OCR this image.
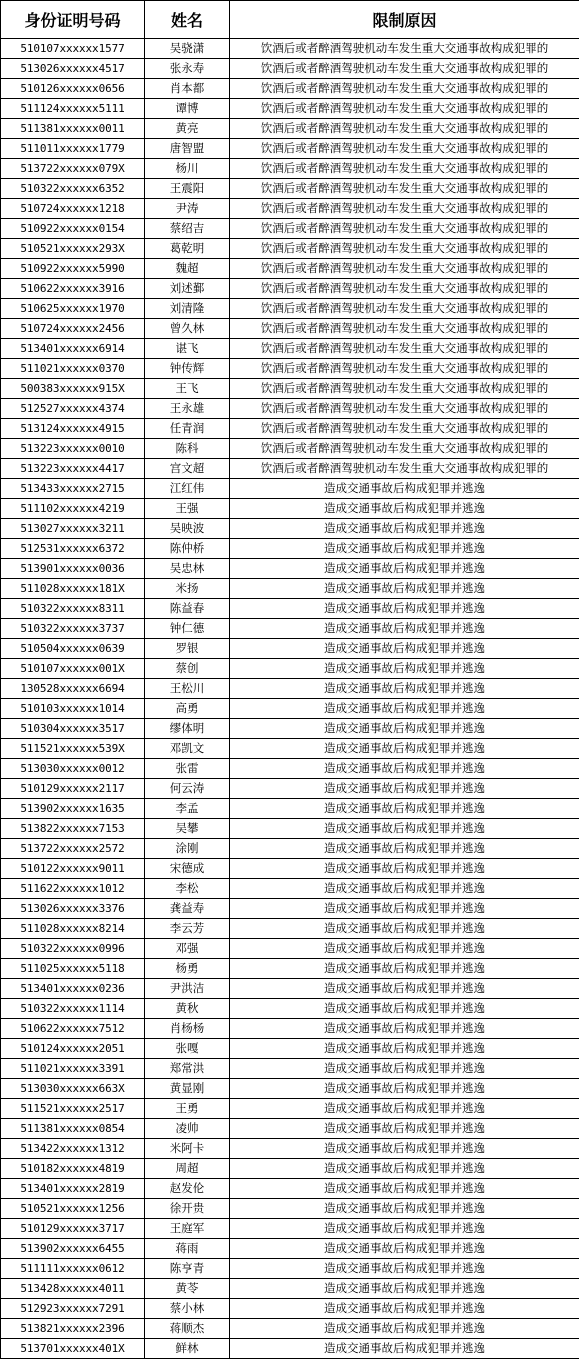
身份证明号码	姓名	限制原因
510107xxxxxx1577	吴骁潇	饮酒后或者醉酒驾驶机动车发生重大交通事故构成犯罪的
513026xxxxxx4517	张永寿	饮酒后或者醉酒驾驶机动车发生重大交通事故构成犯罪的
510126xxxxxx0656	肖本都	饮酒后或者醉酒驾驶机动车发生重大交通事故构成犯罪的
511124xxxxxx5111	谭博	饮酒后或者醉酒驾驶机动车发生重大交通事故构成犯罪的
511381xxxxxx0011	黄亮	饮酒后或者醉酒驾驶机动车发生重大交通事故构成犯罪的
511011xxxxxx1779	唐智盟	饮酒后或者醉酒驾驶机动车发生重大交通事故构成犯罪的
513722xxxxxx079X	杨川	饮酒后或者醉酒驾驶机动车发生重大交通事故构成犯罪的
510322xxxxxx6352	王震阳	饮酒后或者醉酒驾驶机动车发生重大交通事故构成犯罪的
510724xxxxxx1218	尹涛	饮酒后或者醉酒驾驶机动车发生重大交通事故构成犯罪的
510922xxxxxx0154	蔡绍吉	饮酒后或者醉酒驾驶机动车发生重大交通事故构成犯罪的
510521xxxxxx293X	葛乾明	饮酒后或者醉酒驾驶机动车发生重大交通事故构成犯罪的
510922xxxxxx5990	魏超	饮酒后或者醉酒驾驶机动车发生重大交通事故构成犯罪的
510622xxxxxx3916	刘述鄞	饮酒后或者醉酒驾驶机动车发生重大交通事故构成犯罪的
510625xxxxxx1970	刘清隆	饮酒后或者醉酒驾驶机动车发生重大交通事故构成犯罪的
510724xxxxxx2456	曾久林	饮酒后或者醉酒驾驶机动车发生重大交通事故构成犯罪的
513401xxxxxx6914	谌飞	饮酒后或者醉酒驾驶机动车发生重大交通事故构成犯罪的
511021xxxxxx0370	钟传辉	饮酒后或者醉酒驾驶机动车发生重大交通事故构成犯罪的
500383xxxxxx915X	王飞	饮酒后或者醉酒驾驶机动车发生重大交通事故构成犯罪的
512527xxxxxx4374	王永雄	饮酒后或者醉酒驾驶机动车发生重大交通事故构成犯罪的
513124xxxxxx4915	任青润	饮酒后或者醉酒驾驶机动车发生重大交通事故构成犯罪的
513223xxxxxx0010	陈科	饮酒后或者醉酒驾驶机动车发生重大交通事故构成犯罪的
513223xxxxxx4417	宫文超	饮酒后或者醉酒驾驶机动车发生重大交通事故构成犯罪的
513433xxxxxx2715	江红伟	造成交通事故后构成犯罪并逃逸
511102xxxxxx4219	王强	造成交通事故后构成犯罪并逃逸
513027xxxxxx3211	吴映波	造成交通事故后构成犯罪并逃逸
512531xxxxxx6372	陈仲桥	造成交通事故后构成犯罪并逃逸
513901xxxxxx0036	吴忠林	造成交通事故后构成犯罪并逃逸
511028xxxxxx181X	米扬	造成交通事故后构成犯罪并逃逸
510322xxxxxx8311	陈益春	造成交通事故后构成犯罪并逃逸
510322xxxxxx3737	钟仁德	造成交通事故后构成犯罪并逃逸
510504xxxxxx0639	罗银	造成交通事故后构成犯罪并逃逸
510107xxxxxx001X	蔡创	造成交通事故后构成犯罪并逃逸
130528xxxxxx6694	王松川	造成交通事故后构成犯罪并逃逸
510103xxxxxx1014	高勇	造成交通事故后构成犯罪并逃逸
510304xxxxxx3517	缪体明	造成交通事故后构成犯罪并逃逸
511521xxxxxx539X	邓凯文	造成交通事故后构成犯罪并逃逸
513030xxxxxx0012	张雷	造成交通事故后构成犯罪并逃逸
510129xxxxxx2117	何云涛	造成交通事故后构成犯罪并逃逸
513902xxxxxx1635	李孟	造成交通事故后构成犯罪并逃逸
513822xxxxxx7153	吴攀	造成交通事故后构成犯罪并逃逸
513722xxxxxx2572	涂刚	造成交通事故后构成犯罪并逃逸
510122xxxxxx9011	宋德成	造成交通事故后构成犯罪并逃逸
511622xxxxxx1012	李松	造成交通事故后构成犯罪并逃逸
513026xxxxxx3376	龚益寿	造成交通事故后构成犯罪并逃逸
511028xxxxxx8214	李云芳	造成交通事故后构成犯罪并逃逸
510322xxxxxx0996	邓强	造成交通事故后构成犯罪并逃逸
511025xxxxxx5118	杨勇	造成交通事故后构成犯罪并逃逸
513401xxxxxx0236	尹洪洁	造成交通事故后构成犯罪并逃逸
510322xxxxxx1114	黄秋	造成交通事故后构成犯罪并逃逸
510622xxxxxx7512	肖杨杨	造成交通事故后构成犯罪并逃逸
510124xxxxxx2051	张嘎	造成交通事故后构成犯罪并逃逸
511021xxxxxx3391	郑常洪	造成交通事故后构成犯罪并逃逸
513030xxxxxx663X	黄显刚	造成交通事故后构成犯罪并逃逸
511521xxxxxx2517	王勇	造成交通事故后构成犯罪并逃逸
511381xxxxxx0854	凌帅	造成交通事故后构成犯罪并逃逸
513422xxxxxx1312	米阿卡	造成交通事故后构成犯罪并逃逸
510182xxxxxx4819	周超	造成交通事故后构成犯罪并逃逸
513401xxxxxx2819	赵发伦	造成交通事故后构成犯罪并逃逸
510521xxxxxx1256	徐开贵	造成交通事故后构成犯罪并逃逸
510129xxxxxx3717	王庭军	造成交通事故后构成犯罪并逃逸
513902xxxxxx6455	蒋雨	造成交通事故后构成犯罪并逃逸
511111xxxxxx0612	陈亨青	造成交通事故后构成犯罪并逃逸
513428xxxxxx4011	黄苓	造成交通事故后构成犯罪并逃逸
512923xxxxxx7291	蔡小林	造成交通事故后构成犯罪并逃逸
513821xxxxxx2396	蒋顺杰	造成交通事故后构成犯罪并逃逸
513701xxxxxx401X	鲜林	造成交通事故后构成犯罪并逃逸
